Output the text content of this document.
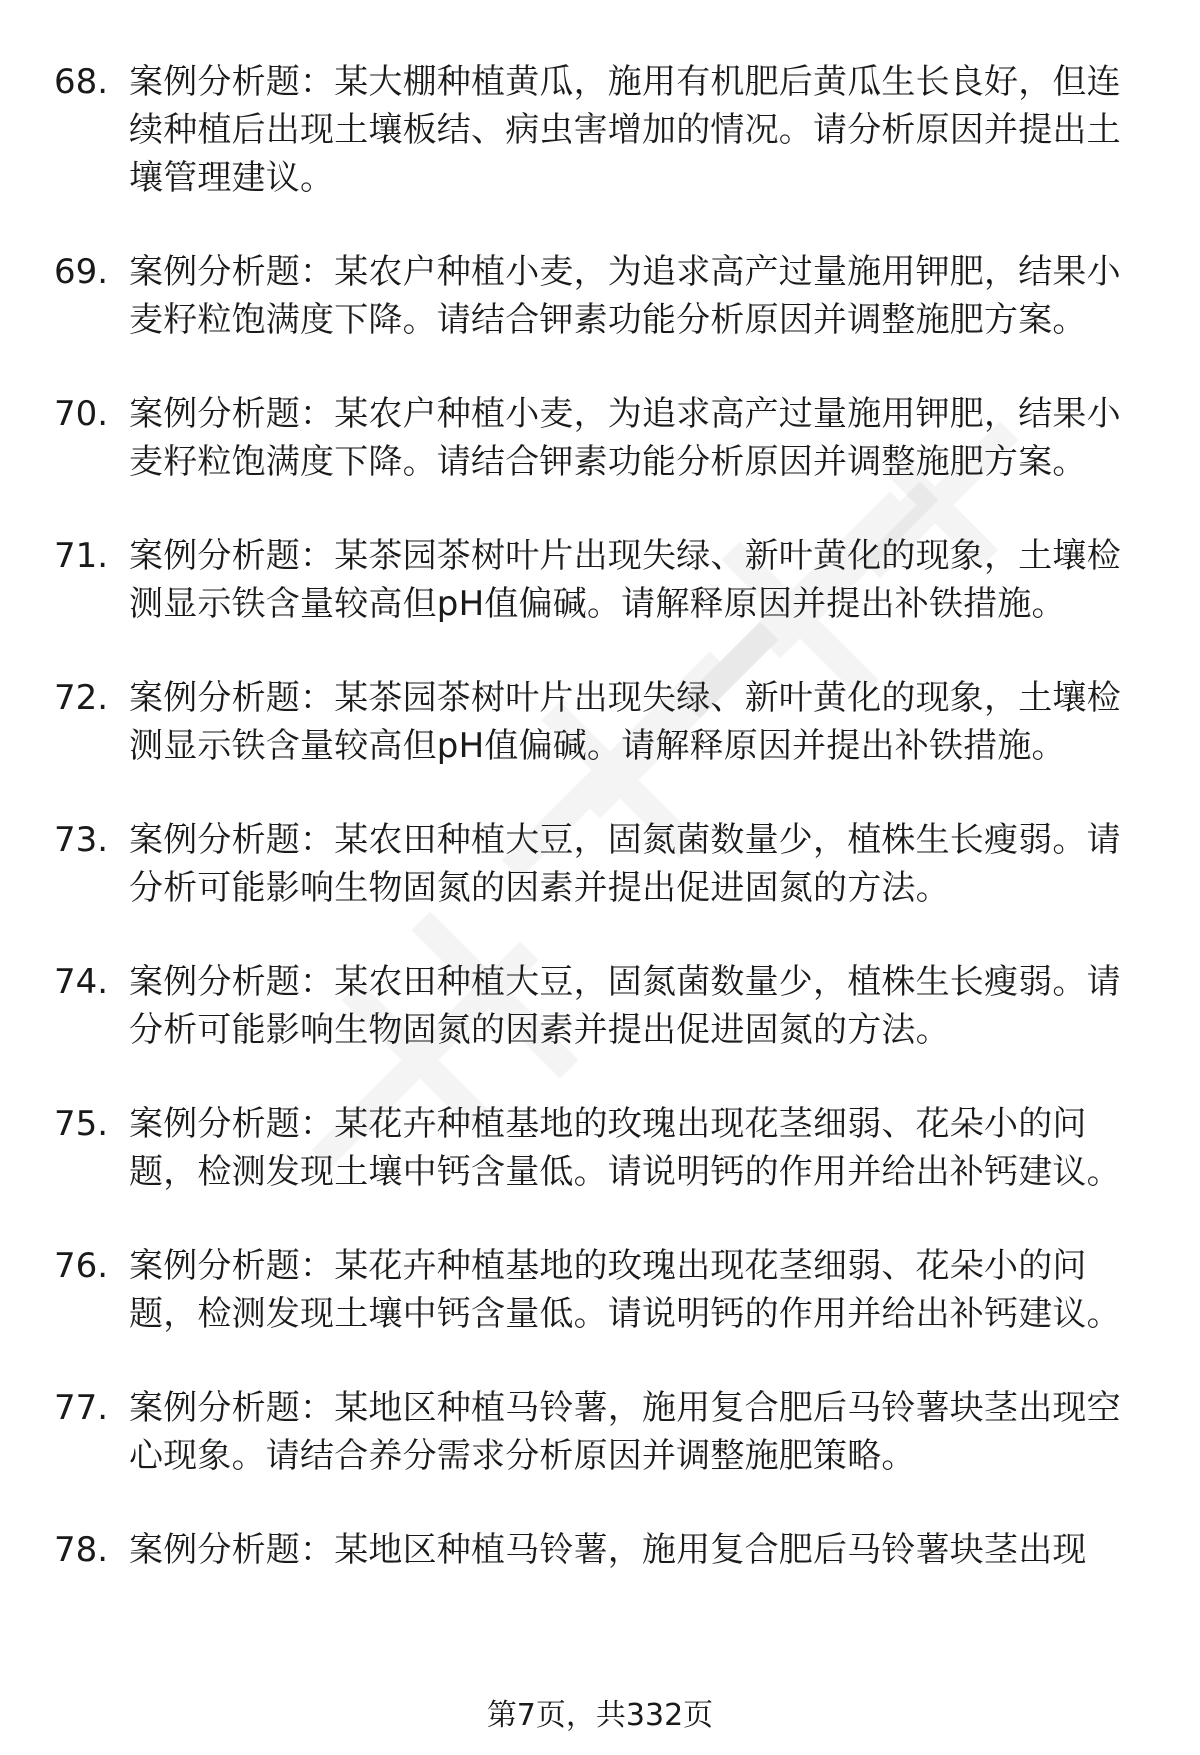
68. 案例分析题：某大棚种植黄瓜，施用有机肥后黄瓜生长良好，但连续种植后出现土壤板结、病虫害增加的情况。请分析原因并提出土壤管理建议。
69. 案例分析题：某农户种植小麦，为追求高产过量施用钾肥，结果小麦籽粒饱满度下降。请结合钾素功能分析原因并调整施肥方案。
70. 案例分析题：某农户种植小麦，为追求高产过量施用钾肥，结果小麦籽粒饱满度下降。请结合钾素功能分析原因并调整施肥方案。
71. 案例分析题：某茶园茶树叶片出现失绿、新叶黄化的现象，土壤检测显示铁含量较高但pH值偏碱。请解释原因并提出补铁措施。
72. 案例分析题：某茶园茶树叶片出现失绿、新叶黄化的现象，土壤检测显示铁含量较高但pH值偏碱。请解释原因并提出补铁措施。
73. 案例分析题：某农田种植大豆，固氮菌数量少，植株生长瘦弱。请分析可能影响生物固氮的因素并提出促进固氮的方法。
74. 案例分析题：某农田种植大豆，固氮菌数量少，植株生长瘦弱。请分析可能影响生物固氮的因素并提出促进固氮的方法。
75. 案例分析题：某花卉种植基地的玫瑰出现花茎细弱、花朵小的问题，检测发现土壤中钙含量低。请说明钙的作用并给出补钙建议。
76. 案例分析题：某花卉种植基地的玫瑰出现花茎细弱、花朵小的问题，检测发现土壤中钙含量低。请说明钙的作用并给出补钙建议。
77. 案例分析题：某地区种植马铃薯，施用复合肥后马铃薯块茎出现空心现象。请结合养分需求分析原因并调整施肥策略。
78. 案例分析题：某地区种植马铃薯，施用复合肥后马铃薯块茎出现
第7页，共332页
